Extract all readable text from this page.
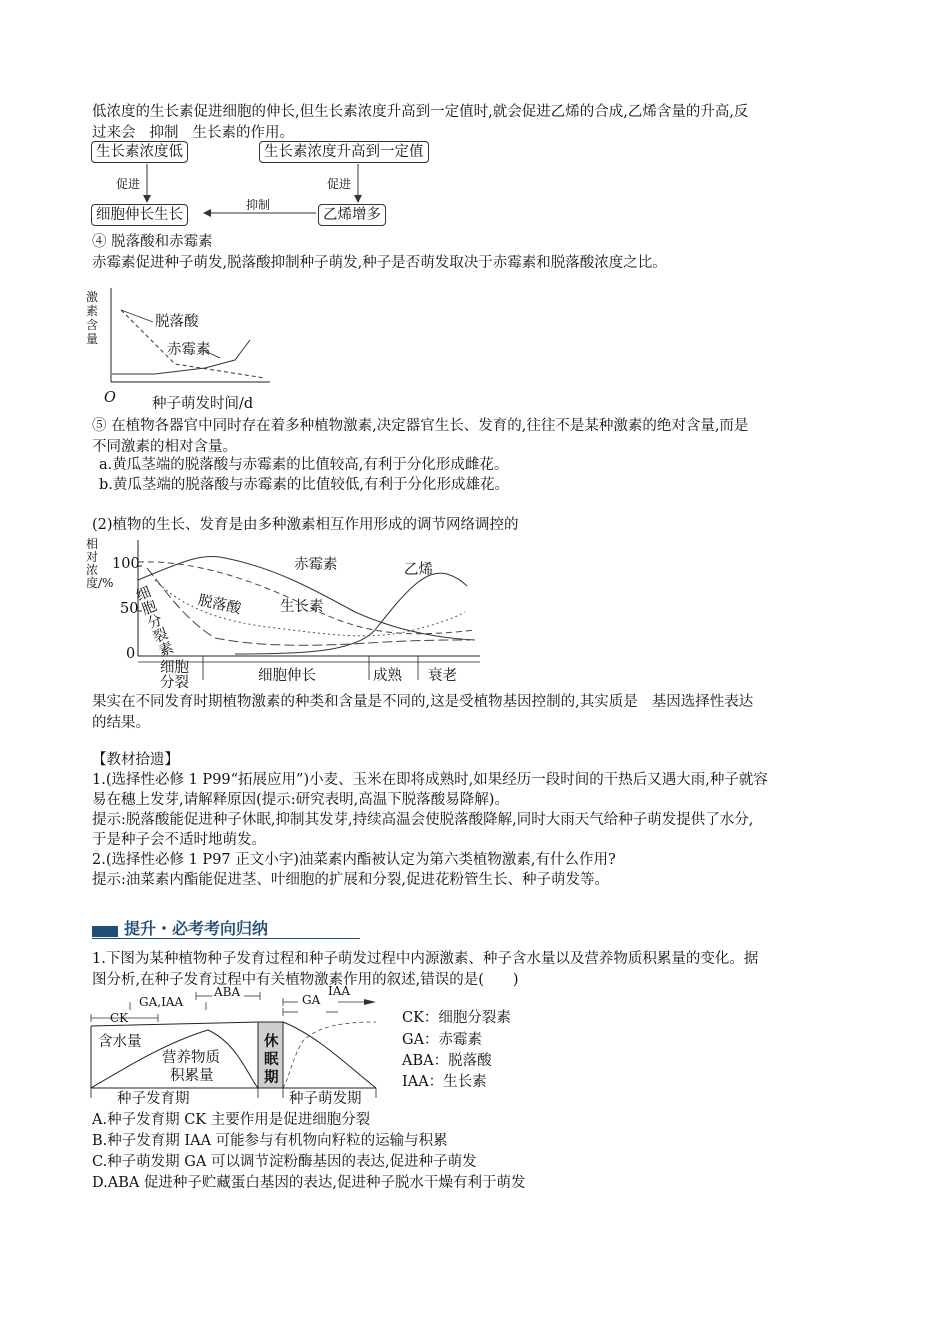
低浓度的生长素促进细胞的伸长,但生长素浓度升高到一定值时,就会促进乙烯的合成,乙烯含量的升高,反
过来会 抑制 生长素的作用。
生长素浓度低	生长素浓度升高到一定值
细胞伸长生长	乙烯增多
促进	促进
抑制
④ 脱落酸和赤霉素
赤霉素促进种子萌发,脱落酸抑制种子萌发,种子是否萌发取决于赤霉素和脱落酸浓度之比。
激素含量
脱落酸
赤霉素
O 种子萌发时间/d
⑤ 在植物各器官中同时存在着多种植物激素,决定器官生长、发育的,往往不是某种激素的绝对含量,而是
不同激素的相对含量。
a.黄瓜茎端的脱落酸与赤霉素的比值较高,有利于分化形成雌花。
b.黄瓜茎端的脱落酸与赤霉素的比值较低,有利于分化形成雄花。
(2)植物的生长、发育是由多种激素相互作用形成的调节网络调控的
相对浓度/%
100
50
0
赤霉素	乙烯
脱落酸	生长素
细胞分裂素
细胞
分裂	细胞伸长	成熟 衰老
果实在不同发育时期植物激素的种类和含量是不同的,这是受植物基因控制的,其实质是 基因选择性表达
的结果。
【教材拾遗】
1.(选择性必修 1 P99“拓展应用”)小麦、玉米在即将成熟时,如果经历一段时间的干热后又遇大雨,种子就容
易在穗上发芽,请解释原因(提示:研究表明,高温下脱落酸易降解)。
提示:脱落酸能促进种子休眠,抑制其发芽,持续高温会使脱落酸降解,同时大雨天气给种子萌发提供了水分,
于是种子会不适时地萌发。
2.(选择性必修 1 P97 正文小字)油菜素内酯被认定为第六类植物激素,有什么作用?
提示:油菜素内酯能促进茎、叶细胞的扩展和分裂,促进花粉管生长、种子萌发等。
提升・必考考向归纳
1.下图为某种植物种子发育过程和种子萌发过程中内源激素、种子含水量以及营养物质积累量的变化。据
图分析,在种子发育过程中有关植物激素作用的叙述,错误的是(　　)
CK
GA,IAA
ABA
GA
IAA
含水量
营养物质
积累量
休
眠
期
种子发育期	种子萌发期
CK：细胞分裂素
GA：赤霉素
ABA：脱落酸
IAA：生长素
A.种子发育期 CK 主要作用是促进细胞分裂
B.种子发育期 IAA 可能参与有机物向籽粒的运输与积累
C.种子萌发期 GA 可以调节淀粉酶基因的表达,促进种子萌发
D.ABA 促进种子贮藏蛋白基因的表达,促进种子脱水干燥有利于萌发
